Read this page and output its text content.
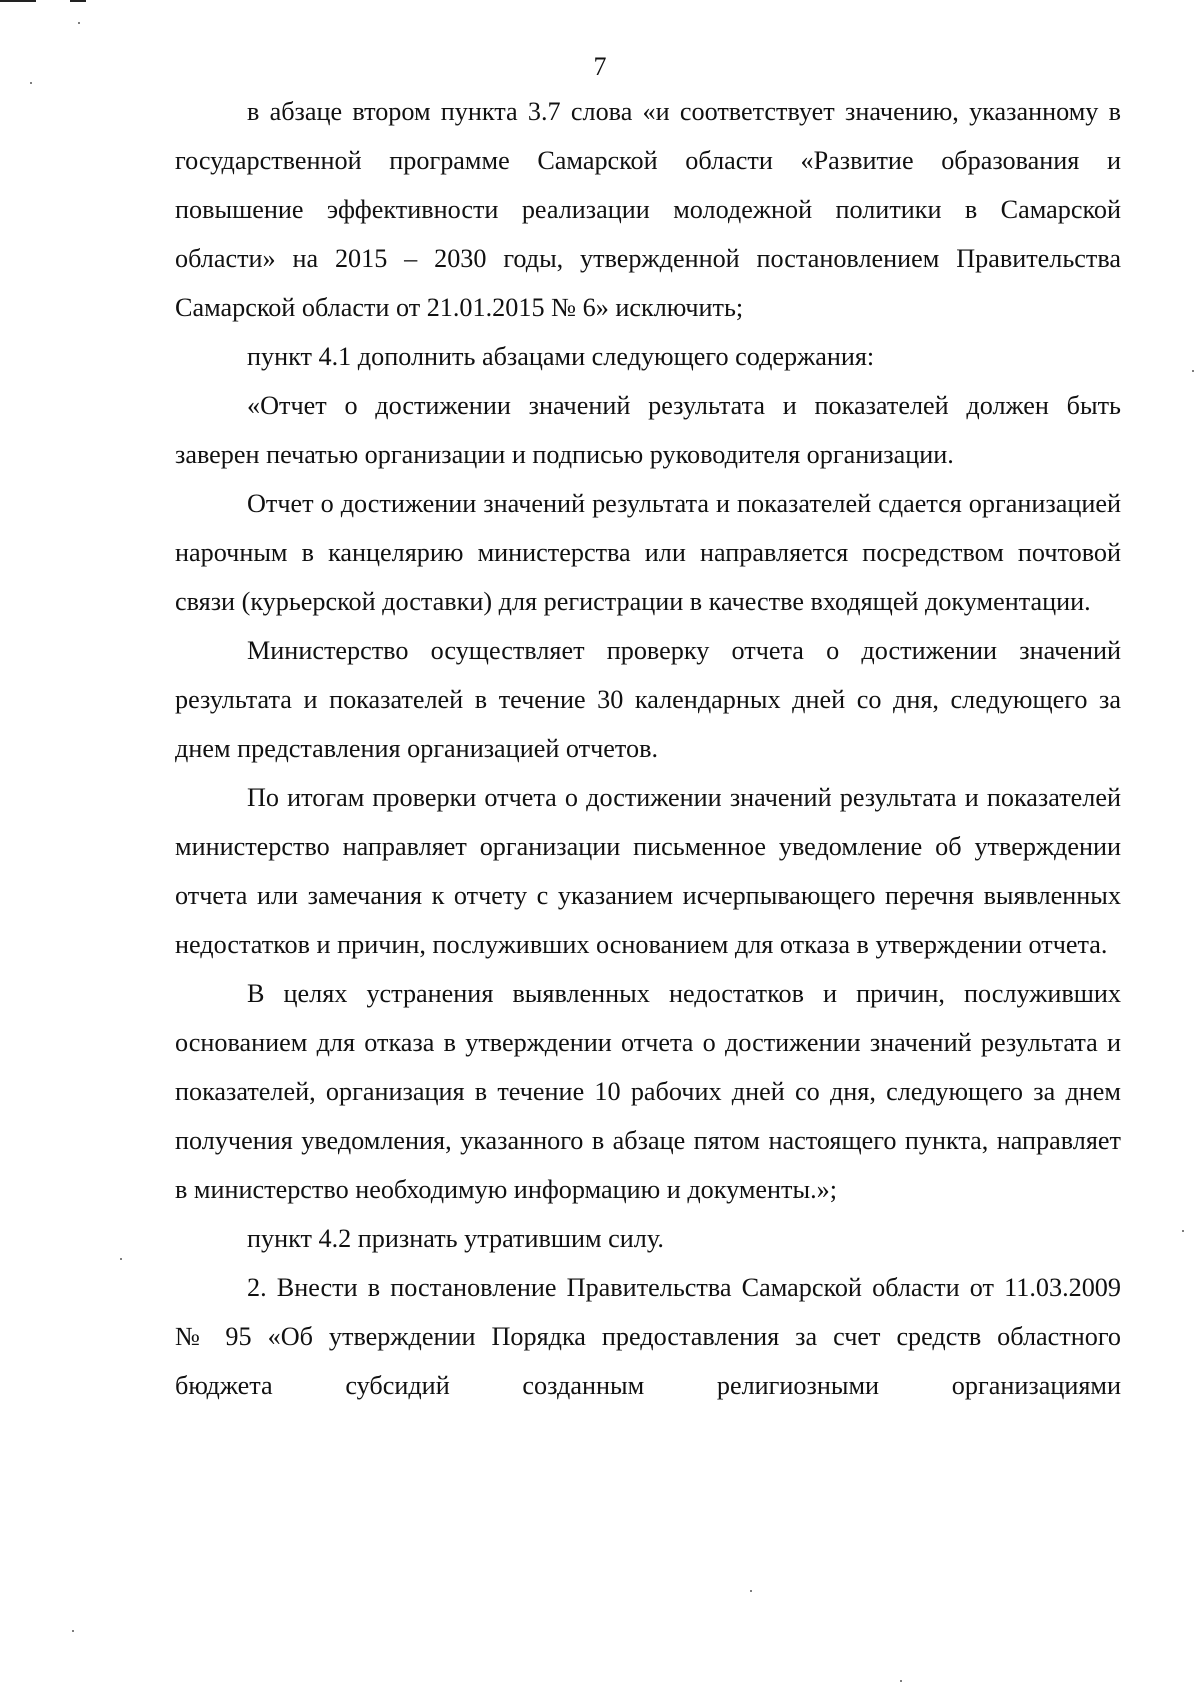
7

в абзаце втором пункта 3.7 слова «и соответствует значению, указанному в государственной программе Самарской области «Развитие образования и повышение эффективности реализации молодежной политики в Самарской области» на 2015 – 2030 годы, утвержденной постановлением Правительства Самарской области от 21.01.2015 № 6» исключить;

пункт 4.1 дополнить абзацами следующего содержания:

«Отчет о достижении значений результата и показателей должен быть заверен печатью организации и подписью руководителя организации.

Отчет о достижении значений результата и показателей сдается организацией нарочным в канцелярию министерства или направляется посредством почтовой связи (курьерской доставки) для регистрации в качестве входящей документации.

Министерство осуществляет проверку отчета о достижении значений результата и показателей в течение 30 календарных дней со дня, следующего за днем представления организацией отчетов.

По итогам проверки отчета о достижении значений результата и показателей министерство направляет организации письменное уведомление об утверждении отчета или замечания к отчету с указанием исчерпывающего перечня выявленных недостатков и причин, послуживших основанием для отказа в утверждении отчета.

В целях устранения выявленных недостатков и причин, послуживших основанием для отказа в утверждении отчета о достижении значений результата и показателей, организация в течение 10 рабочих дней со дня, следующего за днем получения уведомления, указанного в абзаце пятом настоящего пункта, направляет в министерство необходимую информацию и документы.»;

пункт 4.2 признать утратившим силу.

2. Внести в постановление Правительства Самарской области от 11.03.2009 № 95 «Об утверждении Порядка предоставления за счет средств областного бюджета субсидий созданным религиозными организациями
